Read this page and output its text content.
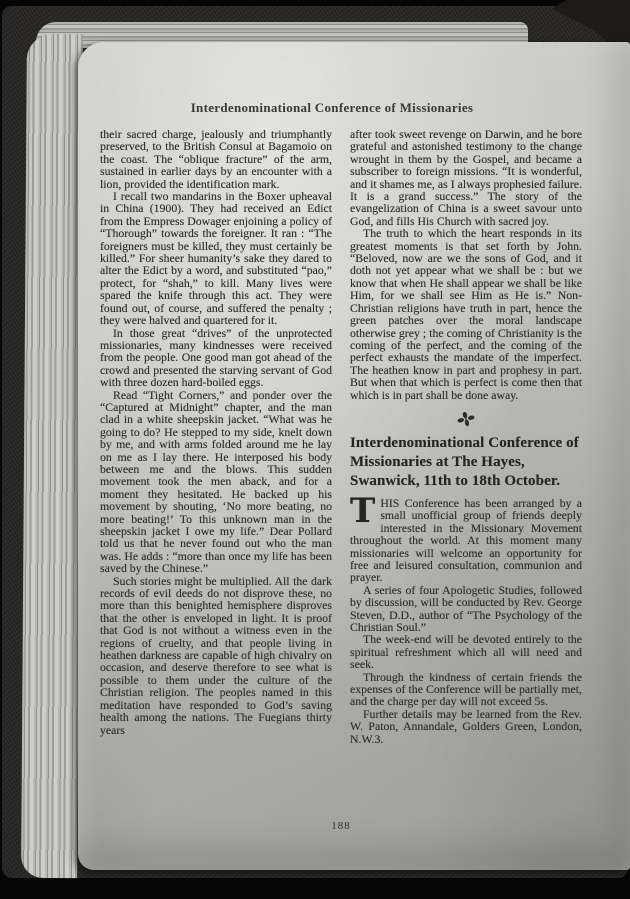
Interdenominational Conference of Missionaries

their sacred charge, jealously and triumphantly preserved, to the British Consul at Bagamoio on the coast. The “oblique fracture” of the arm, sustained in earlier days by an encounter with a lion, provided the identification mark.

I recall two mandarins in the Boxer upheaval in China (1900). They had received an Edict from the Empress Dowager enjoining a policy of “Thorough” towards the foreigner. It ran : “The foreigners must be killed, they must certainly be killed.” For sheer humanity’s sake they dared to alter the Edict by a word, and substituted “pao,” protect, for “shah,” to kill. Many lives were spared the knife through this act. They were found out, of course, and suffered the penalty ; they were halved and quartered for it.

In those great “drives” of the unprotected missionaries, many kindnesses were received from the people. One good man got ahead of the crowd and presented the starving servant of God with three dozen hard-boiled eggs.

Read “Tight Corners,” and ponder over the “Captured at Midnight” chapter, and the man clad in a white sheepskin jacket. “What was he going to do? He stepped to my side, knelt down by me, and with arms folded around me he lay on me as I lay there. He interposed his body between me and the blows. This sudden movement took the men aback, and for a moment they hesitated. He backed up his movement by shouting, ‘No more beating, no more beating!’ To this unknown man in the sheepskin jacket I owe my life.” Dear Pollard told us that he never found out who the man was. He adds : “more than once my life has been saved by the Chinese.”

Such stories might be multiplied. All the dark records of evil deeds do not disprove these, no more than this benighted hemisphere disproves that the other is enveloped in light. It is proof that God is not without a witness even in the regions of cruelty, and that people living in heathen darkness are capable of high chivalry on occasion, and deserve therefore to see what is possible to them under the culture of the Christian religion. The peoples named in this meditation have responded to God’s saving health among the nations. The Fuegians thirty years

after took sweet revenge on Darwin, and he bore grateful and astonished testimony to the change wrought in them by the Gospel, and became a subscriber to foreign missions. “It is wonderful, and it shames me, as I always prophesied failure. It is a grand success.” The story of the evangelization of China is a sweet savour unto God, and fills His Church with sacred joy.

The truth to which the heart responds in its greatest moments is that set forth by John. “Beloved, now are we the sons of God, and it doth not yet appear what we shall be : but we know that when He shall appear we shall be like Him, for we shall see Him as He is.” Non-Christian religions have truth in part, hence the green patches over the moral landscape otherwise grey ; the coming of Christianity is the coming of the perfect, and the coming of the perfect exhausts the mandate of the imperfect. The heathen know in part and prophesy in part. But when that which is perfect is come then that which is in part shall be done away.

Interdenominational Conference of Missionaries at The Hayes, Swanwick, 11th to 18th October.

THIS Conference has been arranged by a small unofficial group of friends deeply interested in the Missionary Movement throughout the world. At this moment many missionaries will welcome an opportunity for free and leisured consultation, communion and prayer.

A series of four Apologetic Studies, followed by discussion, will be conducted by Rev. George Steven, D.D., author of “The Psychology of the Christian Soul.”

The week-end will be devoted entirely to the spiritual refreshment which all will need and seek.

Through the kindness of certain friends the expenses of the Conference will be partially met, and the charge per day will not exceed 5s.

Further details may be learned from the Rev. W. Paton, Annandale, Golders Green, London, N.W.3.

188
